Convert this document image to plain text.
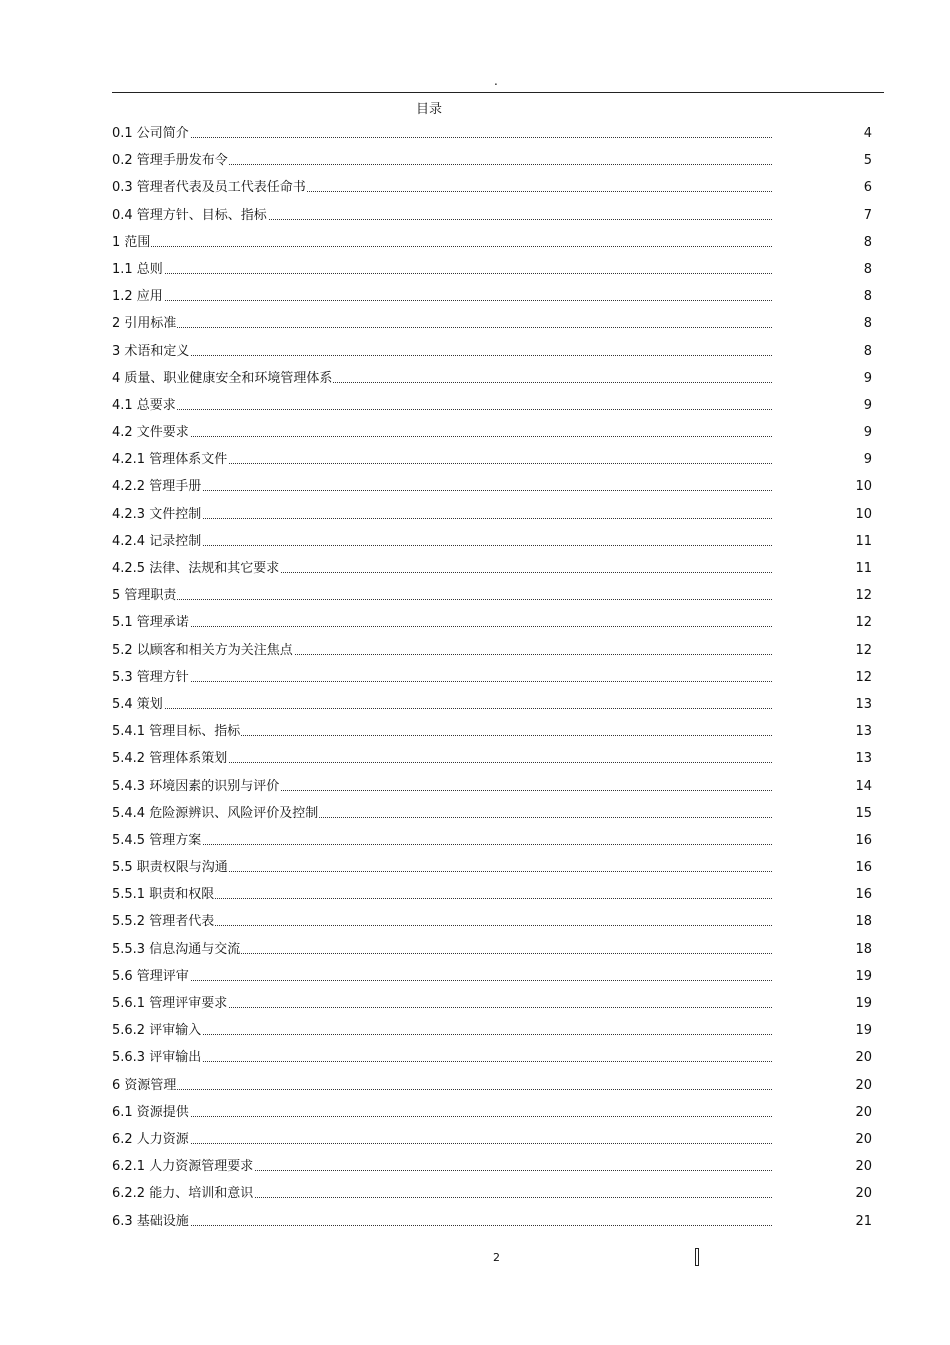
.
目录
0.1 公司简介	4
0.2 管理手册发布令	5
0.3 管理者代表及员工代表任命书	6
0.4 管理方针、目标、指标	7
1 范围	8
1.1 总则	8
1.2 应用	8
2 引用标准	8
3 术语和定义	8
4 质量、职业健康安全和环境管理体系	9
4.1 总要求	9
4.2 文件要求	9
4.2.1 管理体系文件	9
4.2.2 管理手册	10
4.2.3 文件控制	10
4.2.4 记录控制	11
4.2.5 法律、法规和其它要求	11
5 管理职责	12
5.1 管理承诺	12
5.2 以顾客和相关方为关注焦点	12
5.3 管理方针	12
5.4 策划	13
5.4.1 管理目标、指标	13
5.4.2 管理体系策划	13
5.4.3 环境因素的识别与评价	14
5.4.4 危险源辨识、风险评价及控制	15
5.4.5 管理方案	16
5.5 职责权限与沟通	16
5.5.1 职责和权限	16
5.5.2 管理者代表	18
5.5.3 信息沟通与交流	18
5.6 管理评审	19
5.6.1 管理评审要求	19
5.6.2 评审输入	19
5.6.3 评审输出	20
6 资源管理	20
6.1 资源提供	20
6.2 人力资源	20
6.2.1 人力资源管理要求	20
6.2.2 能力、培训和意识	20
6.3 基础设施	21
2
